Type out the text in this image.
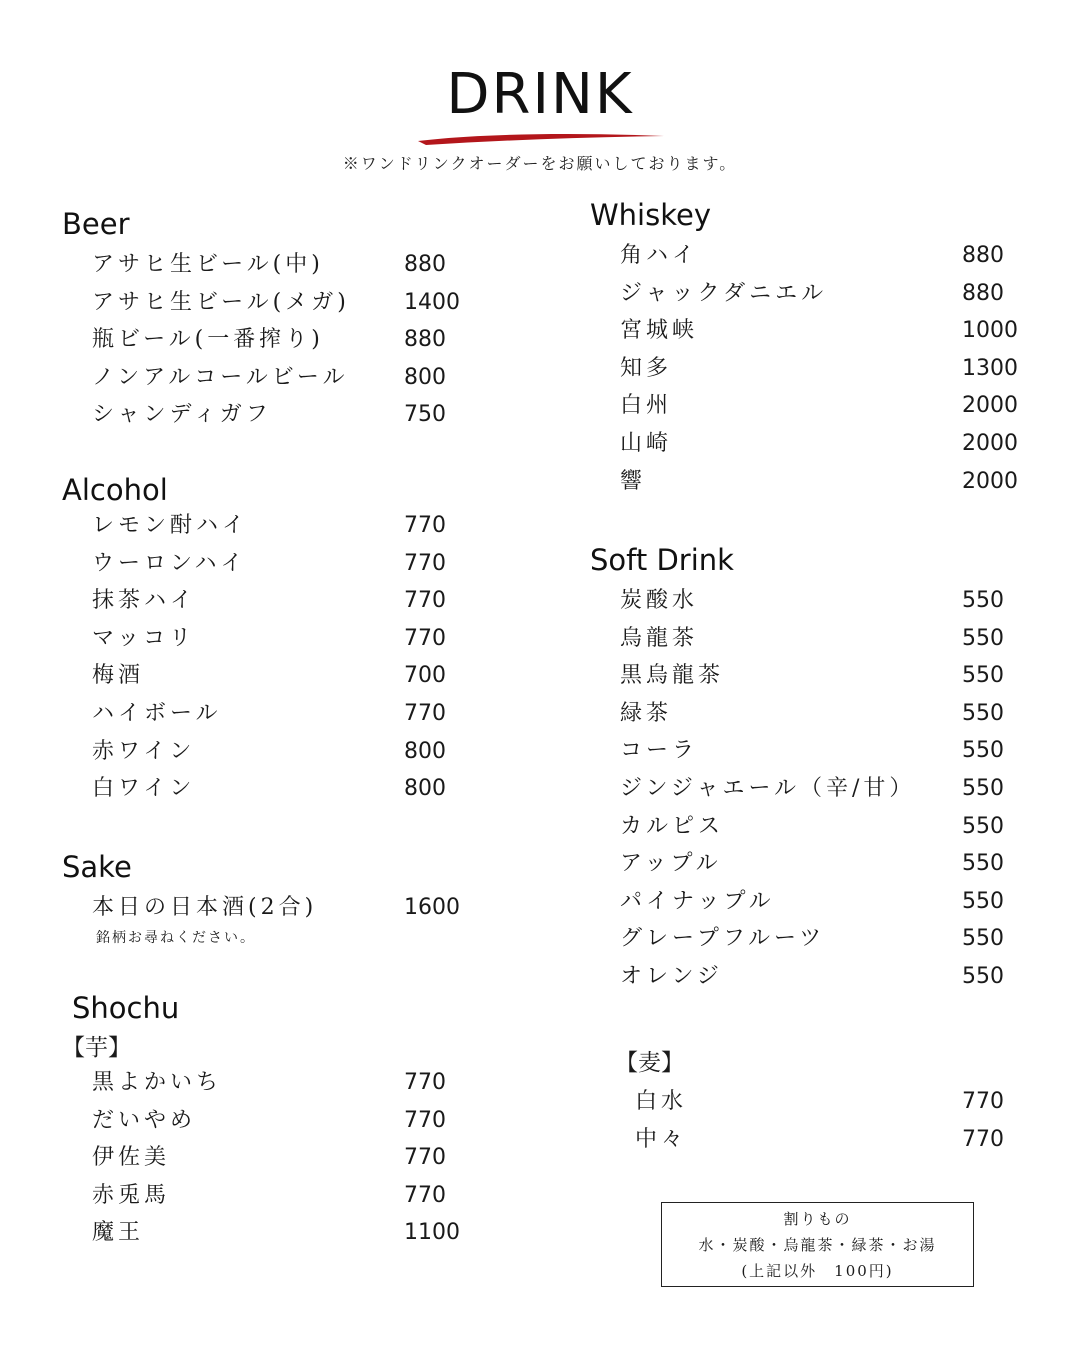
DRINK
※ワンドリンクオーダーをお願いしております。
Beer
アサヒ生ビール(中)	880
アサヒ生ビール(メガ) 1400
瓶ビール(一番搾り)	880
ノンアルコールビール	800
シャンディガフ	750
Alcohol
レモン酎ハイ	770
ウーロンハイ	770
抹茶ハイ	770
マッコリ	770
梅酒	700
ハイボール	770
赤ワイン	800
白ワイン	800
Sake
本日の日本酒(2合)	1600
銘柄お尋ねください。
Shochu
【芋】
黒よかいち	770
だいやめ	770
伊佐美	770
赤兎馬	770
魔王	1100
Whiskey
角ハイ	880
ジャックダニエル	880
宮城峡	1000
知多	1300
白州	2000
山崎	2000
響	2000
Soft Drink
炭酸水	550
烏龍茶	550
黒烏龍茶	550
緑茶	550
コーラ	550
ジンジャエール（辛/甘） 550
カルピス	550
アップル	550
パイナップル	550
グレープフルーツ	550
オレンジ	550
【麦】
白水	770
中々	770
割りもの
水・炭酸・烏龍茶・緑茶・お湯
(上記以外　100円)
